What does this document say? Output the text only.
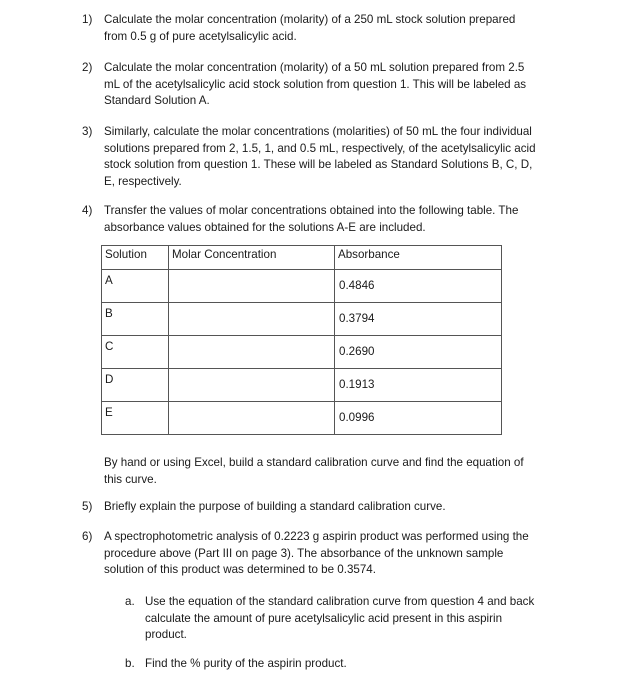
1)	Calculate the molar concentration (molarity) of a 250 mL stock solution prepared
from 0.5 g of pure acetylsalicylic acid.
2)	Calculate the molar concentration (molarity) of a 50 mL solution prepared from 2.5
mL of the acetylsalicylic acid stock solution from question 1. This will be labeled as
Standard Solution A.
3)	Similarly, calculate the molar concentrations (molarities) of 50 mL the four individual
solutions prepared from 2, 1.5, 1, and 0.5 mL, respectively, of the acetylsalicylic acid
stock solution from question 1. These will be labeled as Standard Solutions B, C, D,
E, respectively.
4)	Transfer the values of molar concentrations obtained into the following table. The
absorbance values obtained for the solutions A-E are included.
Solution	Molar Concentration	Absorbance
A		0.4846
B		0.3794
C		0.2690
D		0.1913
E		0.0996
By hand or using Excel, build a standard calibration curve and find the equation of
this curve.
5)	Briefly explain the purpose of building a standard calibration curve.
6)	A spectrophotometric analysis of 0.2223 g aspirin product was performed using the
procedure above (Part III on page 3). The absorbance of the unknown sample
solution of this product was determined to be 0.3574.
a. Use the equation of the standard calibration curve from question 4 and back
calculate the amount of pure acetylsalicylic acid present in this aspirin
product.
b. Find the % purity of the aspirin product.
